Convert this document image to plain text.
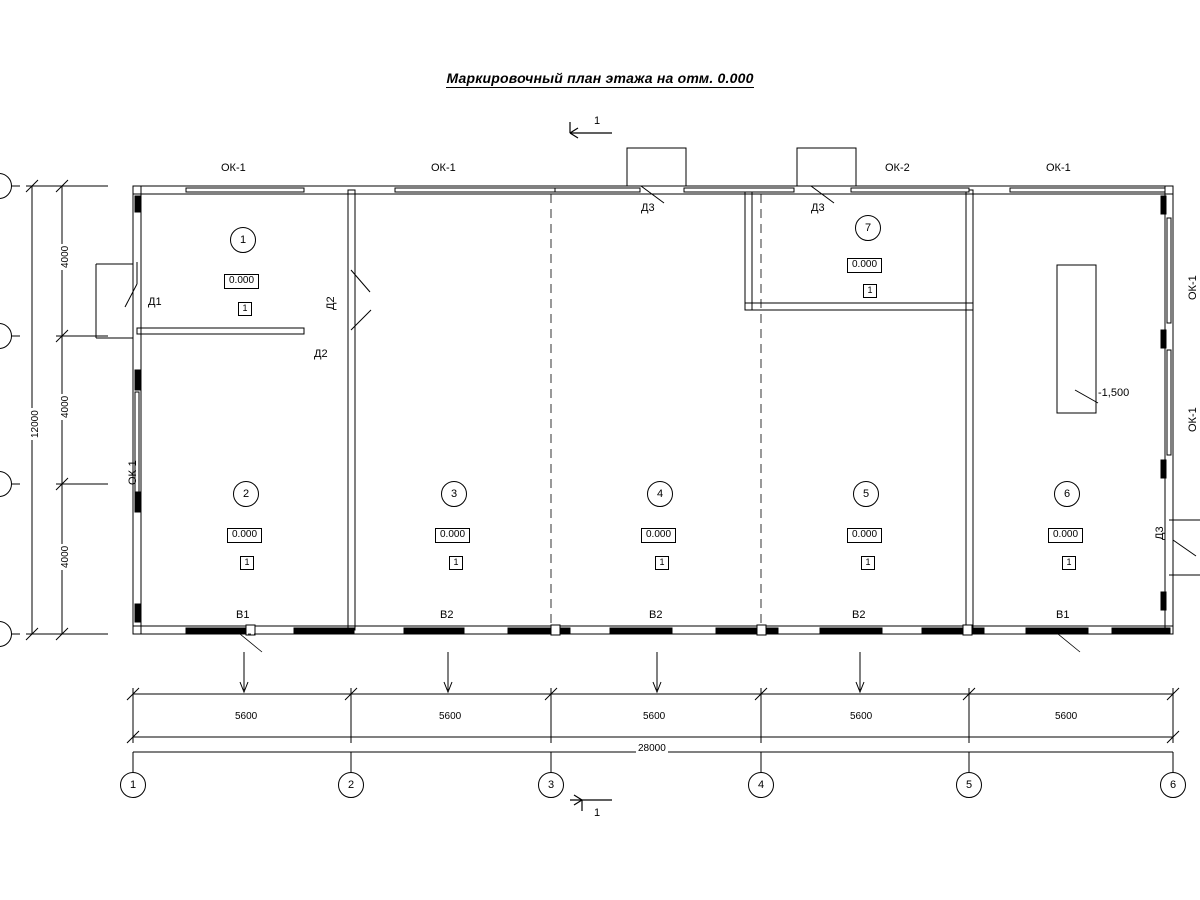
Маркировочный план этажа на отм. 0.000
1
1
ОК-1	ОК-1	ОК-2	ОК-1
ОК-1
ОК-1
ОК-1
Д3	Д3
Д1	Д2
Д2
Д3
В1	В2	В2	В2	В1
1
0.000
1
7
0.000
1
2
0.000
1
3
0.000
1
4
0.000
1
5
0.000
1
6
0.000
1
-1,500
5600	5600	5600	5600	5600
28000
4000
4000
4000
12000
1	2	3	4	5	6
